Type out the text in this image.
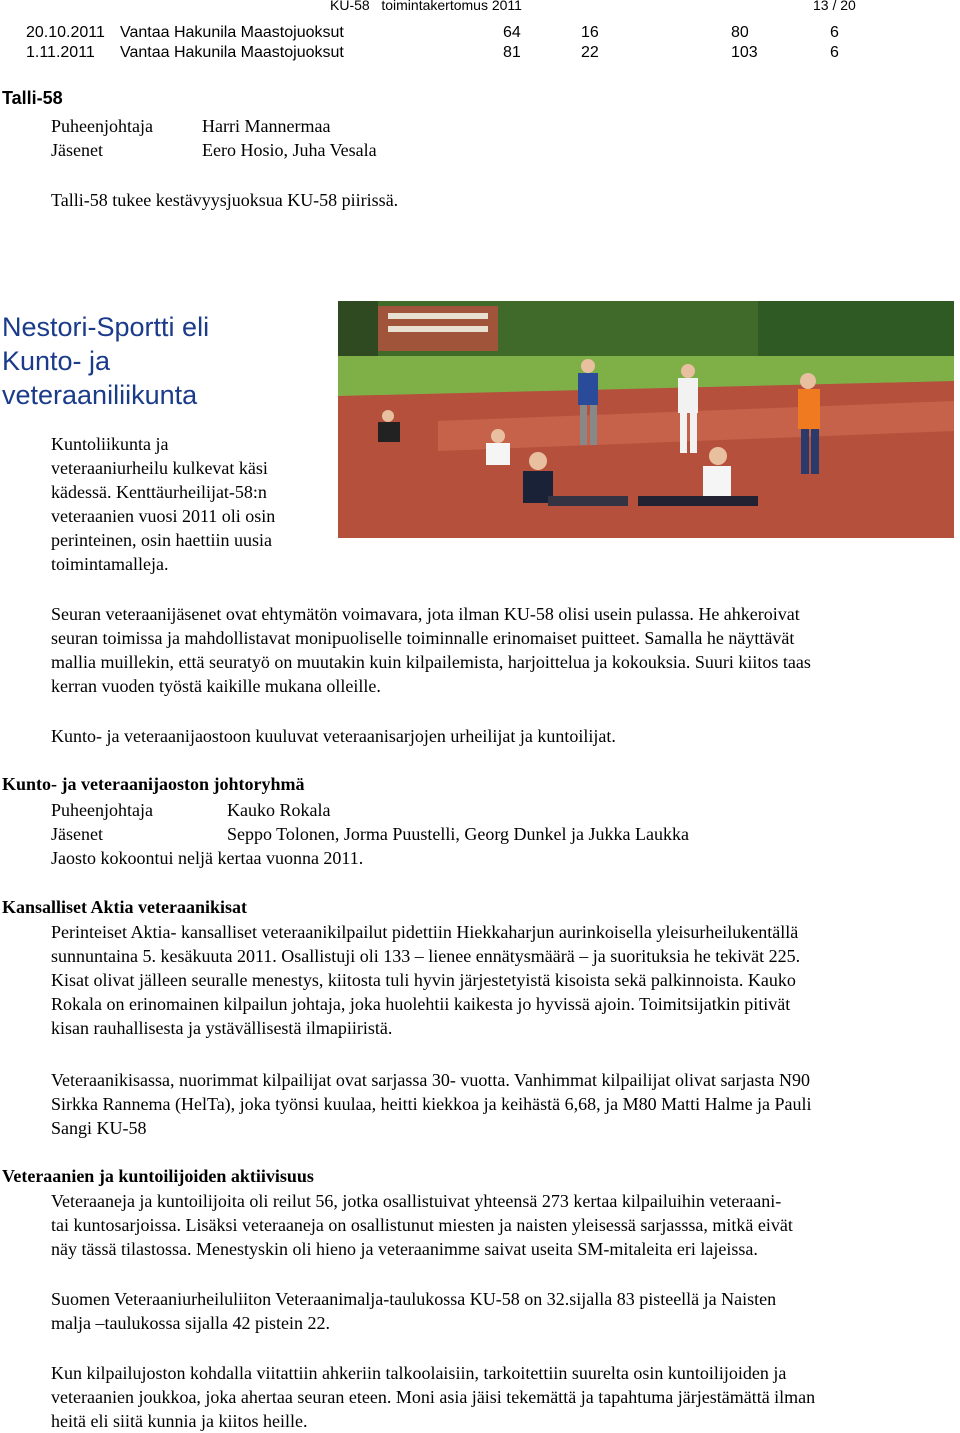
KU-58   toimintakertomus 2011	13 / 20
20.10.2011 Vantaa Hakunila Maastojuoksut	64	16	80	6
1.11.2011 Vantaa Hakunila Maastojuoksut	81	22	103	6
Talli-58
Puheenjohtaja	Harri Mannermaa
Jäsenet	Eero Hosio, Juha Vesala
Talli-58 tukee kestävyysjuoksua KU-58 piirissä.
Nestori-Sportti eli
Kunto- ja
veteraaniliikunta
Kuntoliikunta ja
veteraaniurheilu kulkevat käsi
kädessä. Kenttäurheilijat-58:n
veteraanien vuosi 2011 oli osin
perinteinen, osin haettiin uusia
toimintamalleja.
Seuran veteraanijäsenet ovat ehtymätön voimavara, jota ilman KU-58 olisi usein pulassa. He ahkeroivat
seuran toimissa ja mahdollistavat monipuoliselle toiminnalle erinomaiset puitteet. Samalla he näyttävät
mallia muillekin, että seuratyö on muutakin kuin kilpailemista, harjoittelua ja kokouksia. Suuri kiitos taas
kerran vuoden työstä kaikille mukana olleille.
Kunto- ja veteraanijaostoon kuuluvat veteraanisarjojen urheilijat ja kuntoilijat.
Kunto- ja veteraanijaoston johtoryhmä
Puheenjohtaja	Kauko Rokala
Jäsenet	Seppo Tolonen, Jorma Puustelli, Georg Dunkel ja Jukka Laukka
Jaosto kokoontui neljä kertaa vuonna 2011.
Kansalliset Aktia veteraanikisat
Perinteiset Aktia- kansalliset veteraanikilpailut pidettiin Hiekkaharjun aurinkoisella yleisurheilukentällä
sunnuntaina 5. kesäkuuta 2011. Osallistuji oli 133 – lienee ennätysmäärä – ja suorituksia he tekivät 225.
Kisat olivat jälleen seuralle menestys, kiitosta tuli hyvin järjestetyistä kisoista sekä palkinnoista. Kauko
Rokala on erinomainen kilpailun johtaja, joka huolehtii kaikesta jo hyvissä ajoin. Toimitsijatkin pitivät
kisan rauhallisesta ja ystävällisestä ilmapiiristä.
Veteraanikisassa, nuorimmat kilpailijat ovat sarjassa 30- vuotta. Vanhimmat kilpailijat olivat sarjasta N90
Sirkka Rannema (HelTa), joka työnsi kuulaa, heitti kiekkoa ja keihästä 6,68, ja M80 Matti Halme ja Pauli
Sangi KU-58
Veteraanien ja kuntoilijoiden aktiivisuus
Veteraaneja ja kuntoilijoita oli reilut 56, jotka osallistuivat yhteensä 273 kertaa kilpailuihin veteraani-
tai kuntosarjoissa. Lisäksi veteraaneja on osallistunut miesten ja naisten yleisessä sarjasssa, mitkä eivät
näy tässä tilastossa. Menestyskin oli hieno ja veteraanimme saivat useita SM-mitaleita eri lajeissa.
Suomen Veteraaniurheiluliiton Veteraanimalja-taulukossa KU-58 on 32.sijalla 83 pisteellä ja Naisten
malja –taulukossa sijalla 42 pistein 22.
Kun kilpailujoston kohdalla viitattiin ahkeriin talkoolaisiin, tarkoitettiin suurelta osin kuntoilijoiden ja
veteraanien joukkoa, joka ahertaa seuran eteen. Moni asia jäisi tekemättä ja tapahtuma järjestämättä ilman
heitä eli siitä kunnia ja kiitos heille.
